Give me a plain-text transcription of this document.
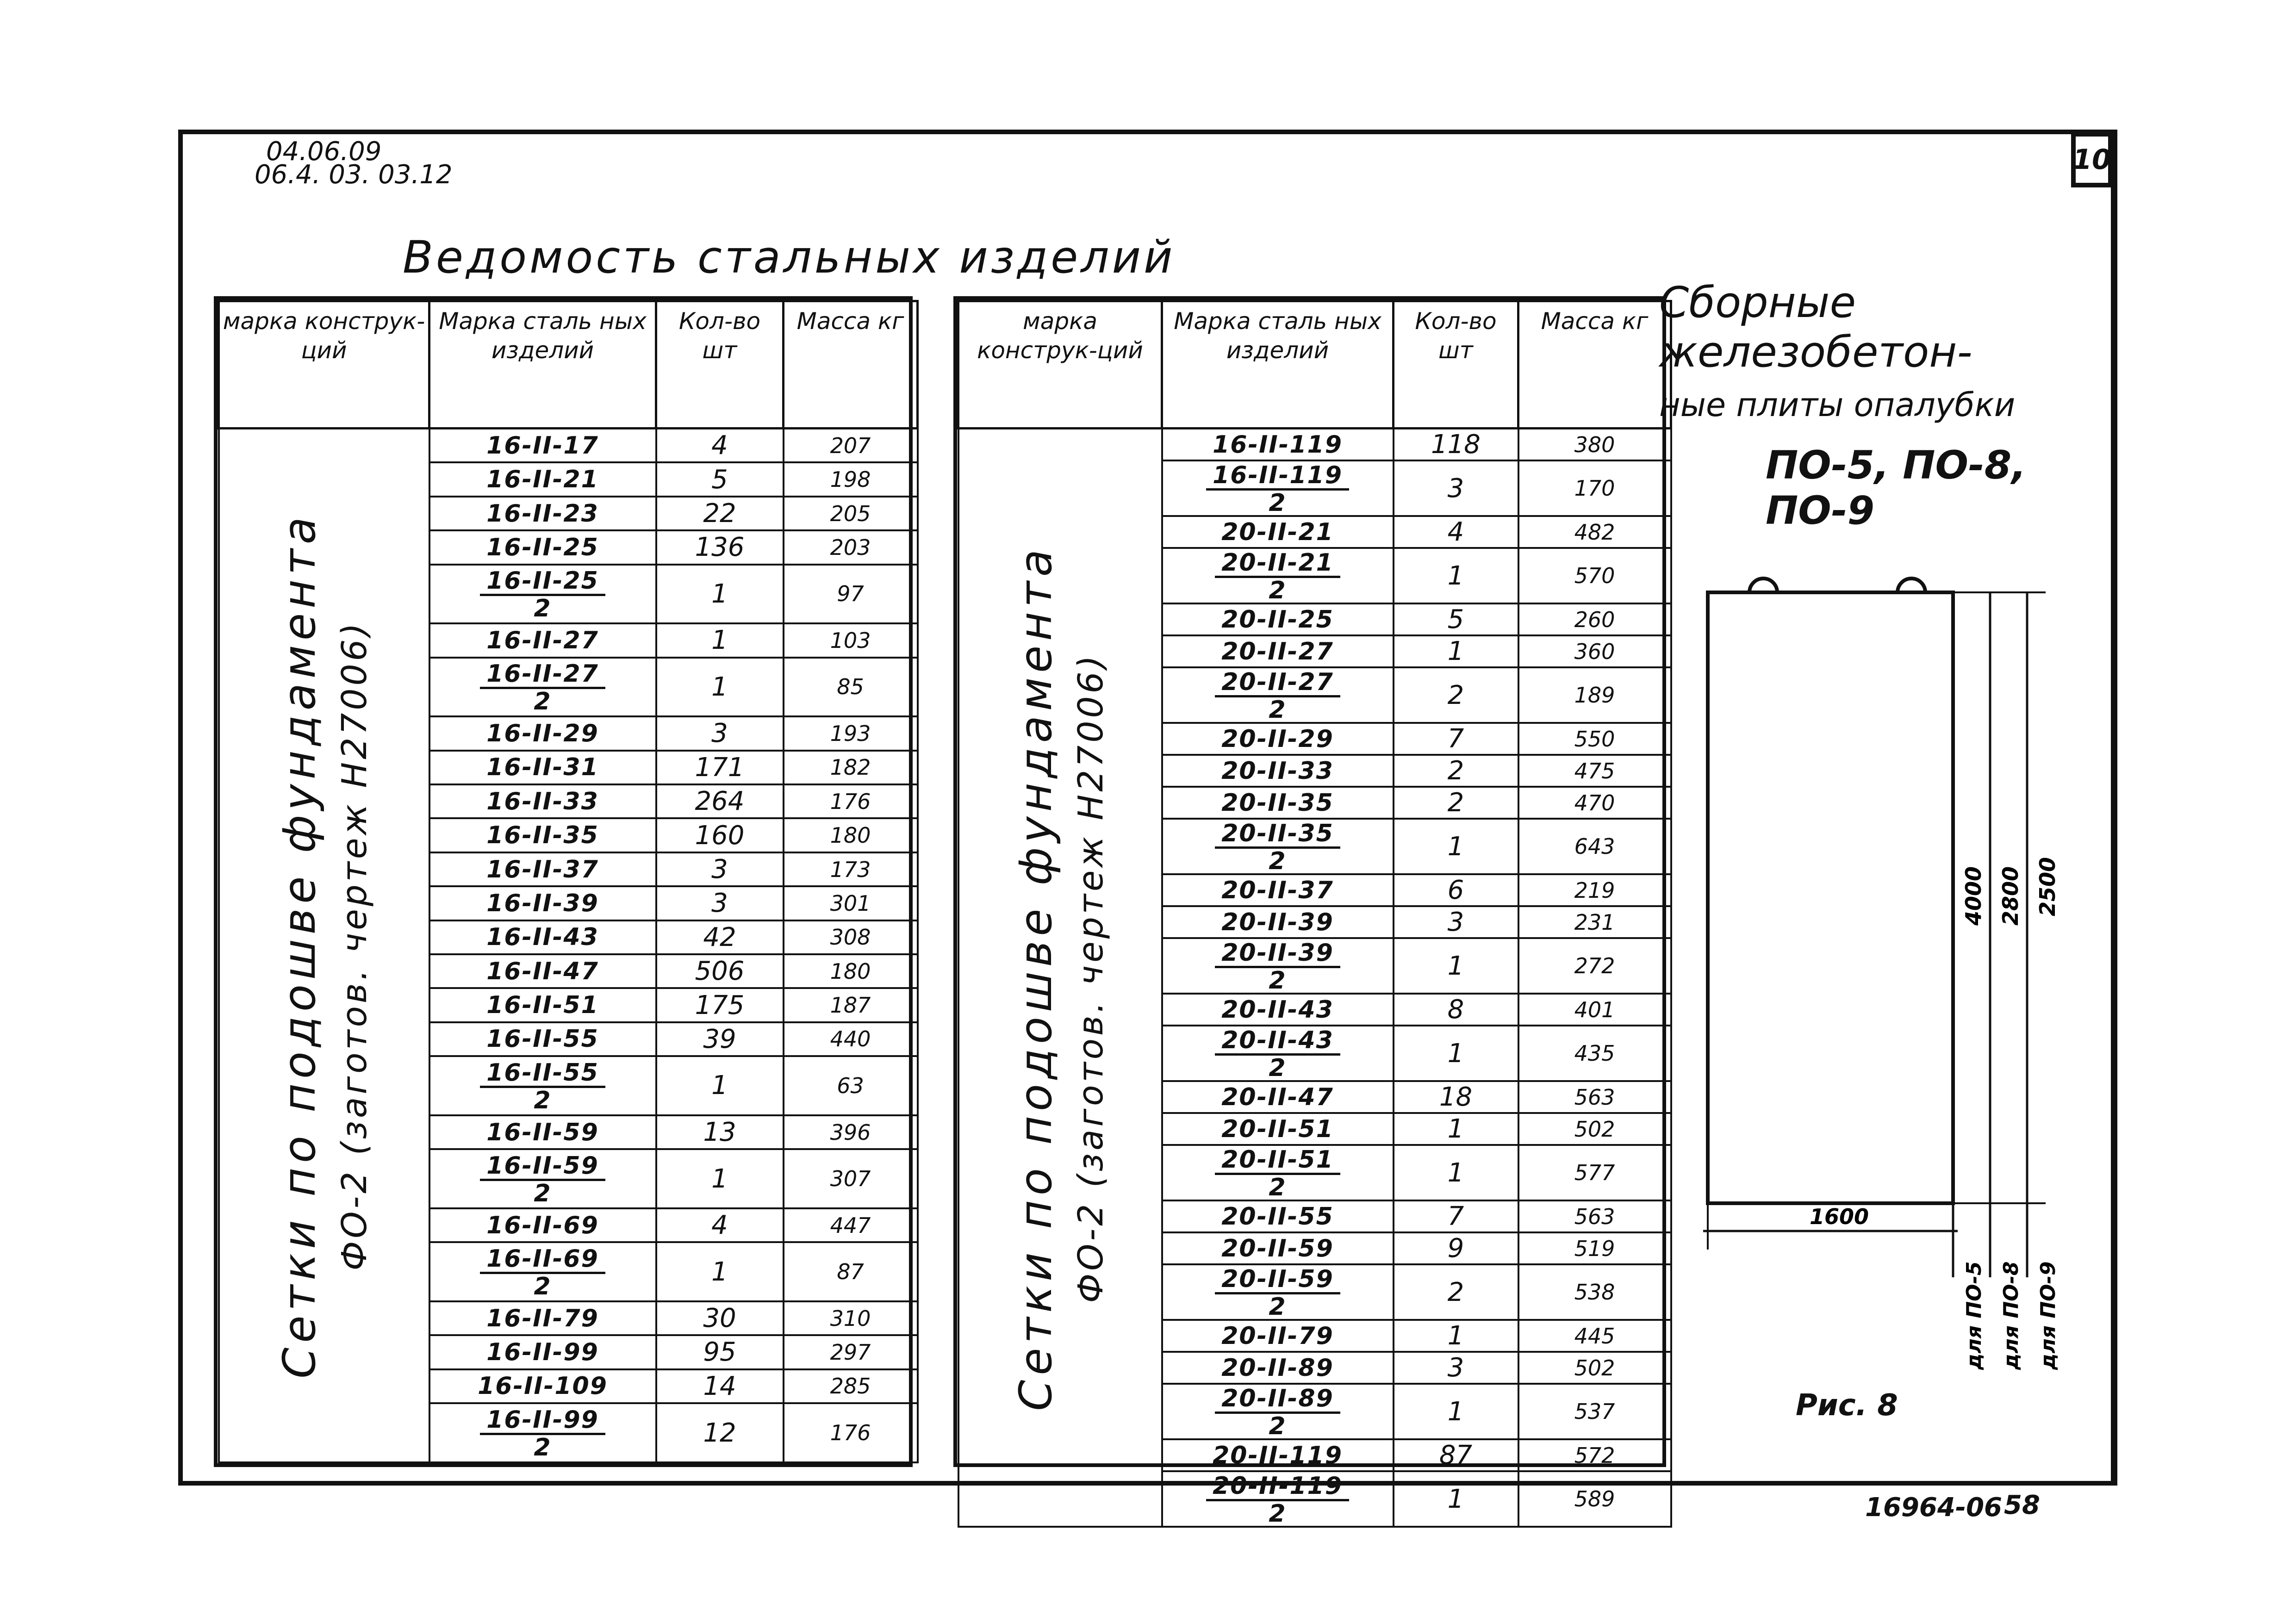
10
04.06.09
06.4. 03. 03.12
Ведомость стальных изделий
марка конструк-ций	Марка сталь ных изделий	Кол-во шт	Масса кг

Сетки по подошве фундамента ФО-2 (заготов. чертеж H27006)	16-II-17	4	207
	16-II-21	5	198
	16-II-23	22	205
	16-II-25	136	203

	$\frac{16-II-25}{2}$	1	97
	16-II-27	1	103

	$\frac{16-II-27}{2}$	1	85
	16-II-29	3	193
	16-II-31	171	182
	16-II-33	264	176
	16-II-35	160	180
	16-II-37	3	173
	16-II-39	3	301
	16-II-43	42	308
	16-II-47	506	180
	16-II-51	175	187
	16-II-55	39	440

	$\frac{16-II-55}{2}$	1	63
	16-II-59	13	396

	$\frac{16-II-59}{2}$	1	307
	16-II-69	4	447

	$\frac{16-II-69}{2}$	1	87
	16-II-79	30	310
	16-II-99	95	297
	16-II-109	14	285

	$\frac{16-II-99}{2}$	12	176
марка конструк-ций	Марка сталь ных изделий	Кол-во шт	Масса кг

Сетки по подошве фундамента ФО-2 (заготов. чертеж H27006)	16-II-119	118	380

	$\frac{16-II-119}{2}$	3	170
	20-II-21	4	482

	$\frac{20-II-21}{2}$	1	570
	20-II-25	5	260
	20-II-27	1	360

	$\frac{20-II-27}{2}$	2	189
	20-II-29	7	550
	20-II-33	2	475
	20-II-35	2	470

	$\frac{20-II-35}{2}$	1	643
	20-II-37	6	219
	20-II-39	3	231

	$\frac{20-II-39}{2}$	1	272
	20-II-43	8	401

	$\frac{20-II-43}{2}$	1	435
	20-II-47	18	563
	20-II-51	1	502

	$\frac{20-II-51}{2}$	1	577
	20-II-55	7	563
	20-II-59	9	519

	$\frac{20-II-59}{2}$	2	538
	20-II-79	1	445
	20-II-89	3	502

	$\frac{20-II-89}{2}$	1	537
	20-II-119	87	572

	$\frac{20-II-119}{2}$	1	589
Сборные железобетон-
ные плиты опалубки
ПО-5, ПО-8, ПО-9
1600
4000 2800 2500
для ПО-5 для ПО-8 для ПО-9
Рис. 8
16964-06 58
